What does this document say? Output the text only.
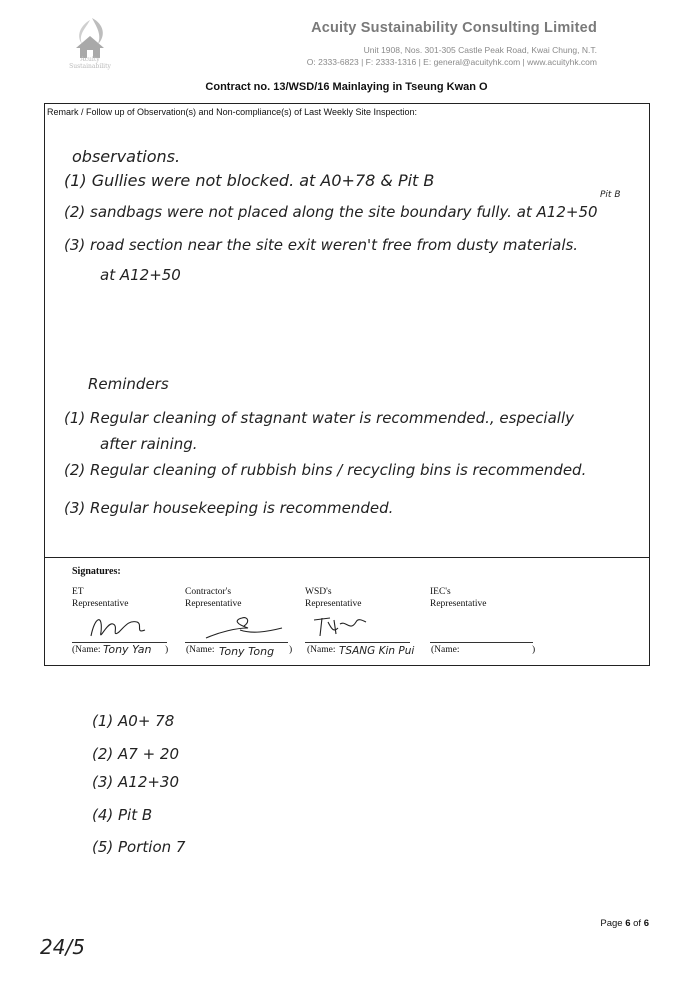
Acuity
Sustainability
Acuity Sustainability Consulting Limited
Unit 1908, Nos. 301-305 Castle Peak Road, Kwai Chung, N.T.
O: 2333-6823 | F: 2333-1316 | E: general@acuityhk.com | www.acuityhk.com
Contract no. 13/WSD/16 Mainlaying in Tseung Kwan O
Remark / Follow up of Observation(s) and Non-compliance(s) of Last Weekly Site Inspection:
observations.
(1) Gullies were not blocked. at A0+78 & Pit B
Pit B
(2) sandbags were not placed along the site boundary fully. at A12+50
(3) road section near the site exit weren't free from dusty materials.
at A12+50
Reminders
(1) Regular cleaning of stagnant water is recommended., especially
after raining.
(2) Regular cleaning of rubbish bins / recycling bins is recommended.
(3) Regular housekeeping is recommended.
Signatures:
ET
Representative
Contractor's
Representative
WSD's
Representative
IEC's
Representative
(Name: Tony Yan ) (Name: Tony Tong ) (Name: TSANG Kin Pui (Name:	)
(1) A0+ 78
(2) A7 + 20
(3) A12+30
(4) Pit B
(5) Portion 7
Page 6 of 6
24/5
